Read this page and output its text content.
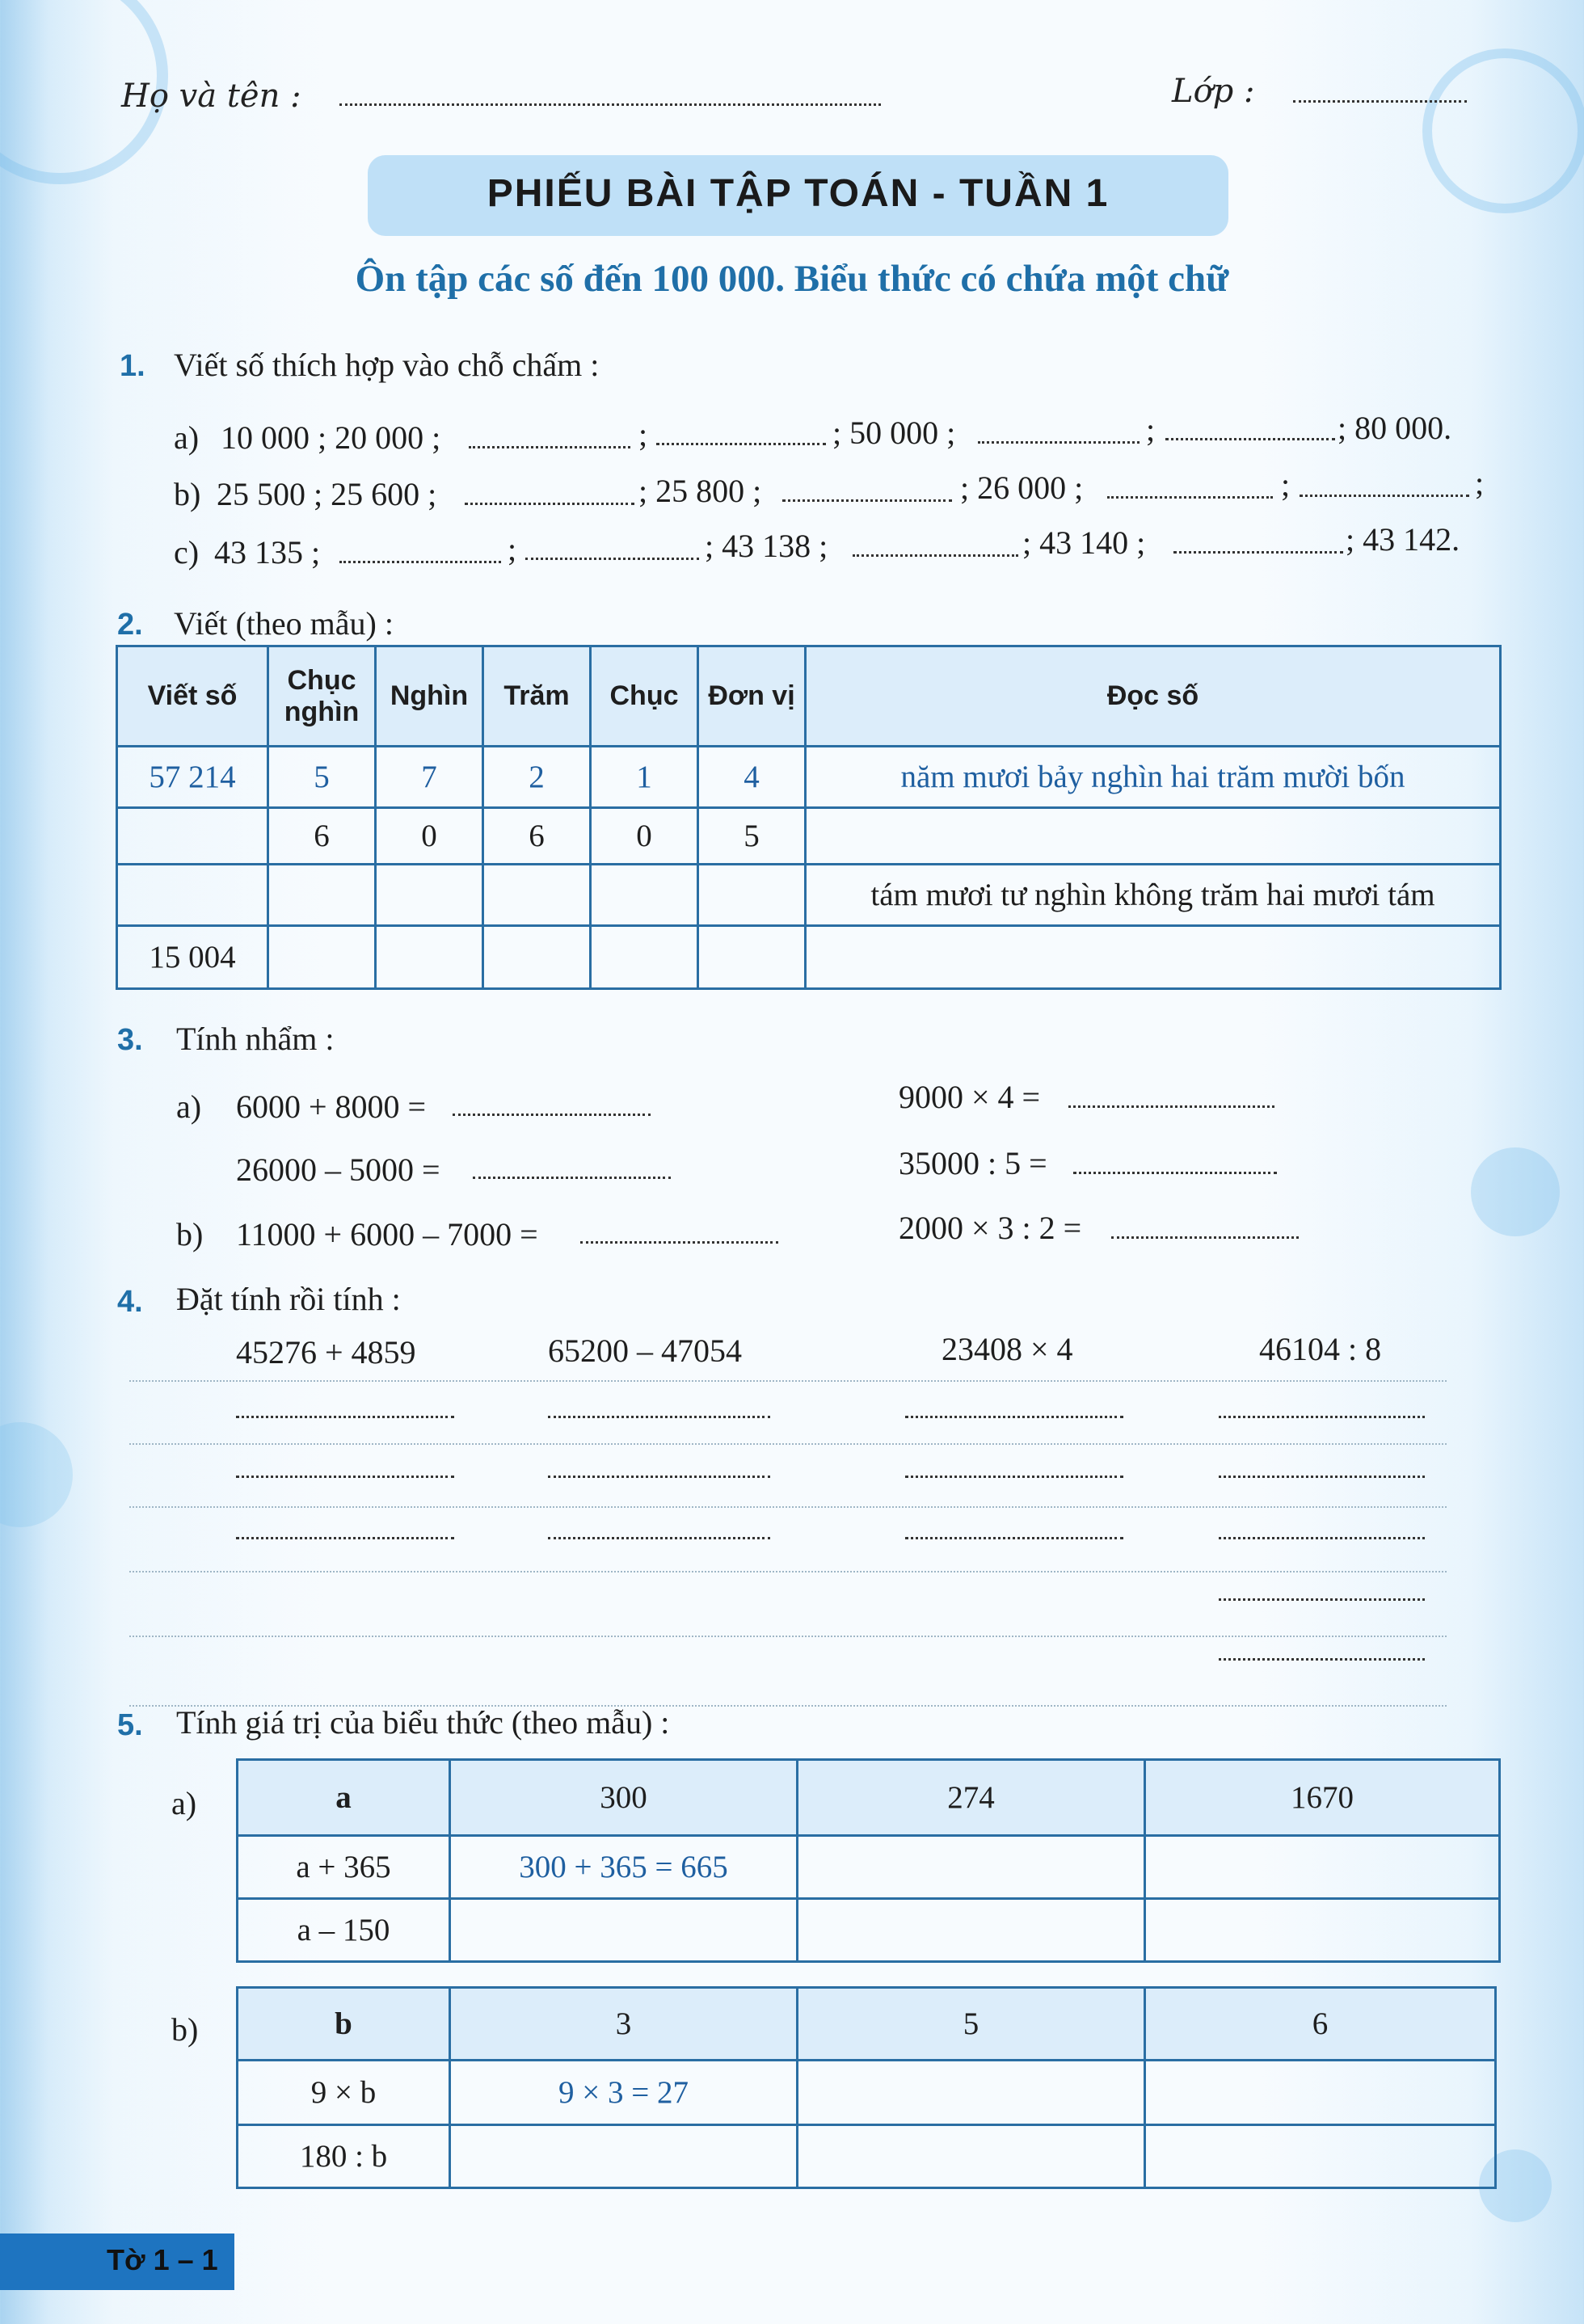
Họ và tên :	Lớp :
PHIẾU BÀI TẬP TOÁN - TUẦN 1
Ôn tập các số đến 100 000. Biểu thức có chứa một chữ
1. Viết số thích hợp vào chỗ chấm :
a) 10 000 ; 20 000 ;	;	; 50 000 ;	;	; 80 000.
b) 25 500 ; 25 600 ;	; 25 800 ;	; 26 000 ;	;	;
c) 43 135 ;	;	; 43 138 ;	; 43 140 ;	; 43 142.
2. Viết (theo mẫu) :
Viết số	Chục nghìn	Nghìn	Trăm	Chục	Đơn vị	Đọc số
57 214	5	7	2	1	4	năm mươi bảy nghìn hai trăm mười bốn
	6	0	6	0	5	
						tám mươi tư nghìn không trăm hai mươi tám
15 004						
3. Tính nhẩm :
a) 6000 + 8000 =	9000 × 4 =
26000 – 5000 =	35000 : 5 =
b) 11000 + 6000 – 7000 =	2000 × 3 : 2 =
4. Đặt tính rồi tính :
45276 + 4859	65200 – 47054	23408 × 4	46104 : 8
5. Tính giá trị của biểu thức (theo mẫu) :
a)	a	300	274	1670
a + 365	300 + 365 = 665		
a – 150			
b)	b	3	5	6
9 × b	9 × 3 = 27		
180 : b			
Tờ 1 – 1
